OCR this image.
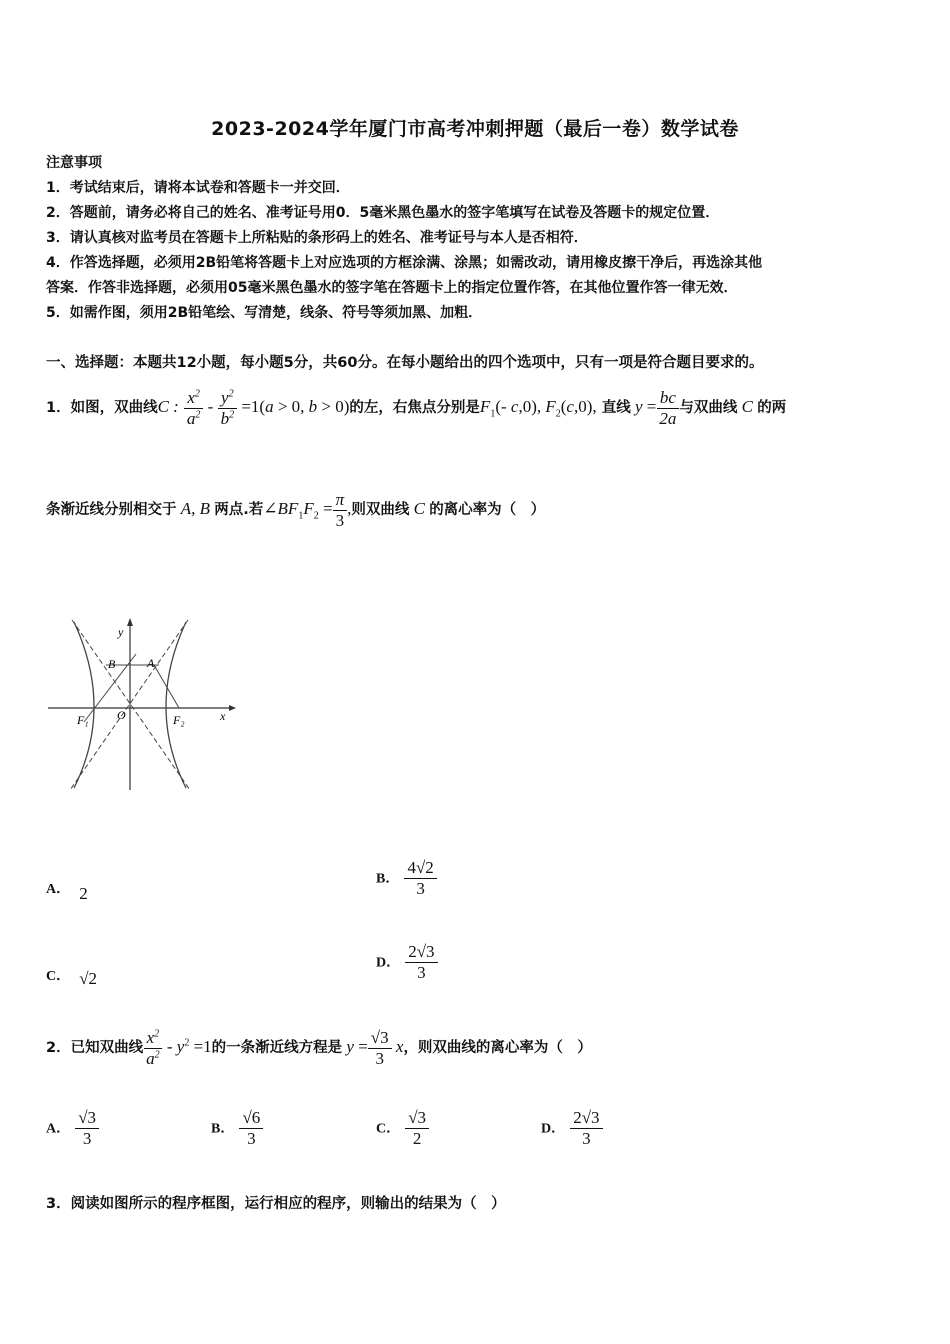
2023-2024学年厦门市高考冲刺押题（最后一卷）数学试卷
注意事项
1．考试结束后，请将本试卷和答题卡一并交回．
2．答题前，请务必将自己的姓名、准考证号用0．5毫米黑色墨水的签字笔填写在试卷及答题卡的规定位置．
3．请认真核对监考员在答题卡上所粘贴的条形码上的姓名、准考证号与本人是否相符．
4．作答选择题，必须用2B铅笔将答题卡上对应选项的方框涂满、涂黑；如需改动，请用橡皮擦干净后，再选涂其他
答案．作答非选择题，必须用05毫米黑色墨水的签字笔在答题卡上的指定位置作答，在其他位置作答一律无效．
5．如需作图，须用2B铅笔绘、写清楚，线条、符号等须加黑、加粗．
一、选择题：本题共12小题，每小题5分，共60分。在每小题给出的四个选项中，只有一项是符合题目要求的。
1．如图，双曲线C : $\frac{x^2}{a^2} - \frac{y^2}{b^2} =1(a > 0$, b > 0)的左，右焦点分别是$F_1(-$ c,0), $F_2(c,0)$, 直线 $y = \frac{bc}{2a}$ 与双曲线 C 的两
条渐近线分别相交于 A, B 两点.若$\angle BF_1F_2 = \frac{\pi}{3}$ ,则双曲线 C 的离心率为（　）
y
x
B	A
O
F₁	F₂
A． 2
B． $\frac{4√2}{3}$
C． √2
D． $\frac{2√3}{3}$
2．已知双曲线 $\frac{x^2}{a^2} - y^2 =1$的一条渐近线方程是 $y = \frac{√3}{3}$ x，则双曲线的离心率为（　）
A． $\frac{√3}{3}$	B． $\frac{√6}{3}$	C． $\frac{√3}{2}$	D． $\frac{2√3}{3}$
3．阅读如图所示的程序框图，运行相应的程序，则输出的结果为（　）
